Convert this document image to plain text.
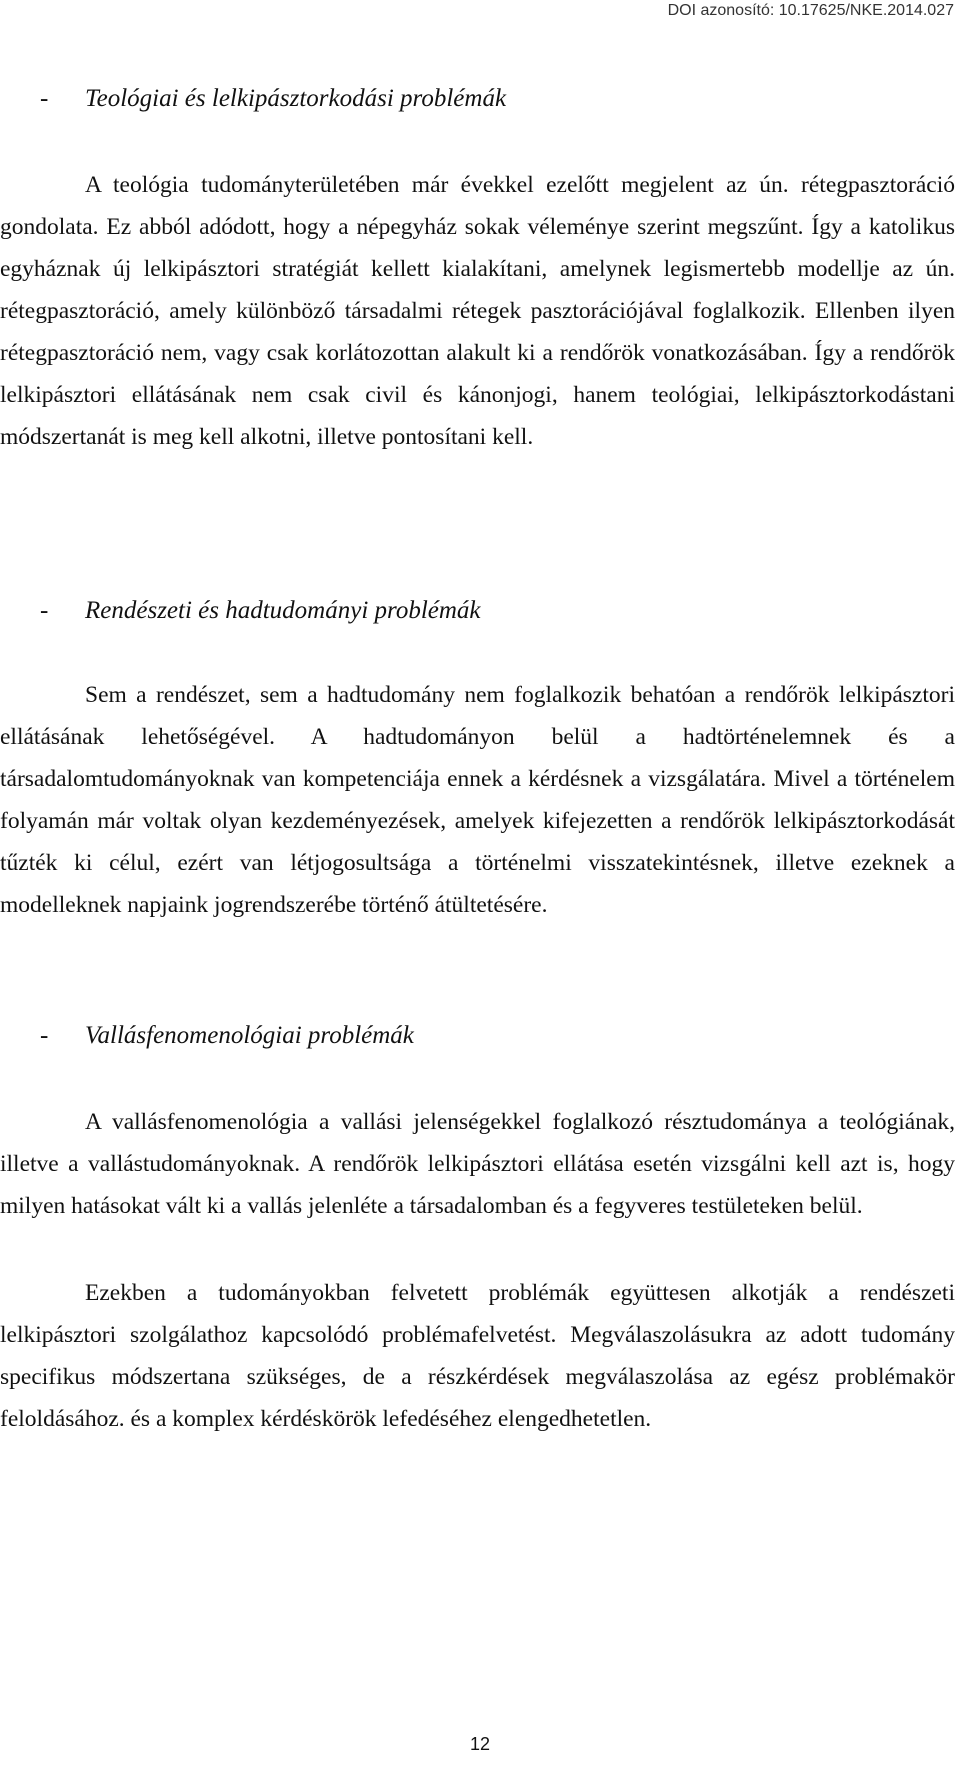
DOI azonosító: 10.17625/NKE.2014.027
- Teológiai és lelkipásztorkodási problémák
A teológia tudományterületében már évekkel ezelőtt megjelent az ún. rétegpasztoráció gondolata. Ez abból adódott, hogy a népegyház sokak véleménye szerint megszűnt. Így a katolikus egyháznak új lelkipásztori stratégiát kellett kialakítani, amelynek legismertebb modellje az ún. rétegpasztoráció, amely különböző társadalmi rétegek pasztorációjával foglalkozik. Ellenben ilyen rétegpasztoráció nem, vagy csak korlátozottan alakult ki a rendőrök vonatkozásában. Így a rendőrök lelkipásztori ellátásának nem csak civil és kánonjogi, hanem teológiai, lelkipásztorkodástani módszertanát is meg kell alkotni, illetve pontosítani kell.
- Rendészeti és hadtudományi problémák
Sem a rendészet, sem a hadtudomány nem foglalkozik behatóan a rendőrök lelkipásztori ellátásának lehetőségével. A hadtudományon belül a hadtörténelemnek és a társadalomtudományoknak van kompetenciája ennek a kérdésnek a vizsgálatára. Mivel a történelem folyamán már voltak olyan kezdeményezések, amelyek kifejezetten a rendőrök lelkipásztorkodását tűzték ki célul, ezért van létjogosultsága a történelmi visszatekintésnek, illetve ezeknek a modelleknek napjaink jogrendszerébe történő átültetésére.
- Vallásfenomenológiai problémák
A vallásfenomenológia a vallási jelenségekkel foglalkozó résztudománya a teológiának, illetve a vallástudományoknak. A rendőrök lelkipásztori ellátása esetén vizsgálni kell azt is, hogy milyen hatásokat vált ki a vallás jelenléte a társadalomban és a fegyveres testületeken belül.
Ezekben a tudományokban felvetett problémák együttesen alkotják a rendészeti lelkipásztori szolgálathoz kapcsolódó problémafelvetést. Megválaszolásukra az adott tudomány specifikus módszertana szükséges, de a részkérdések megválaszolása az egész problémakör feloldásához. és a komplex kérdéskörök lefedéséhez elengedhetetlen.
12
